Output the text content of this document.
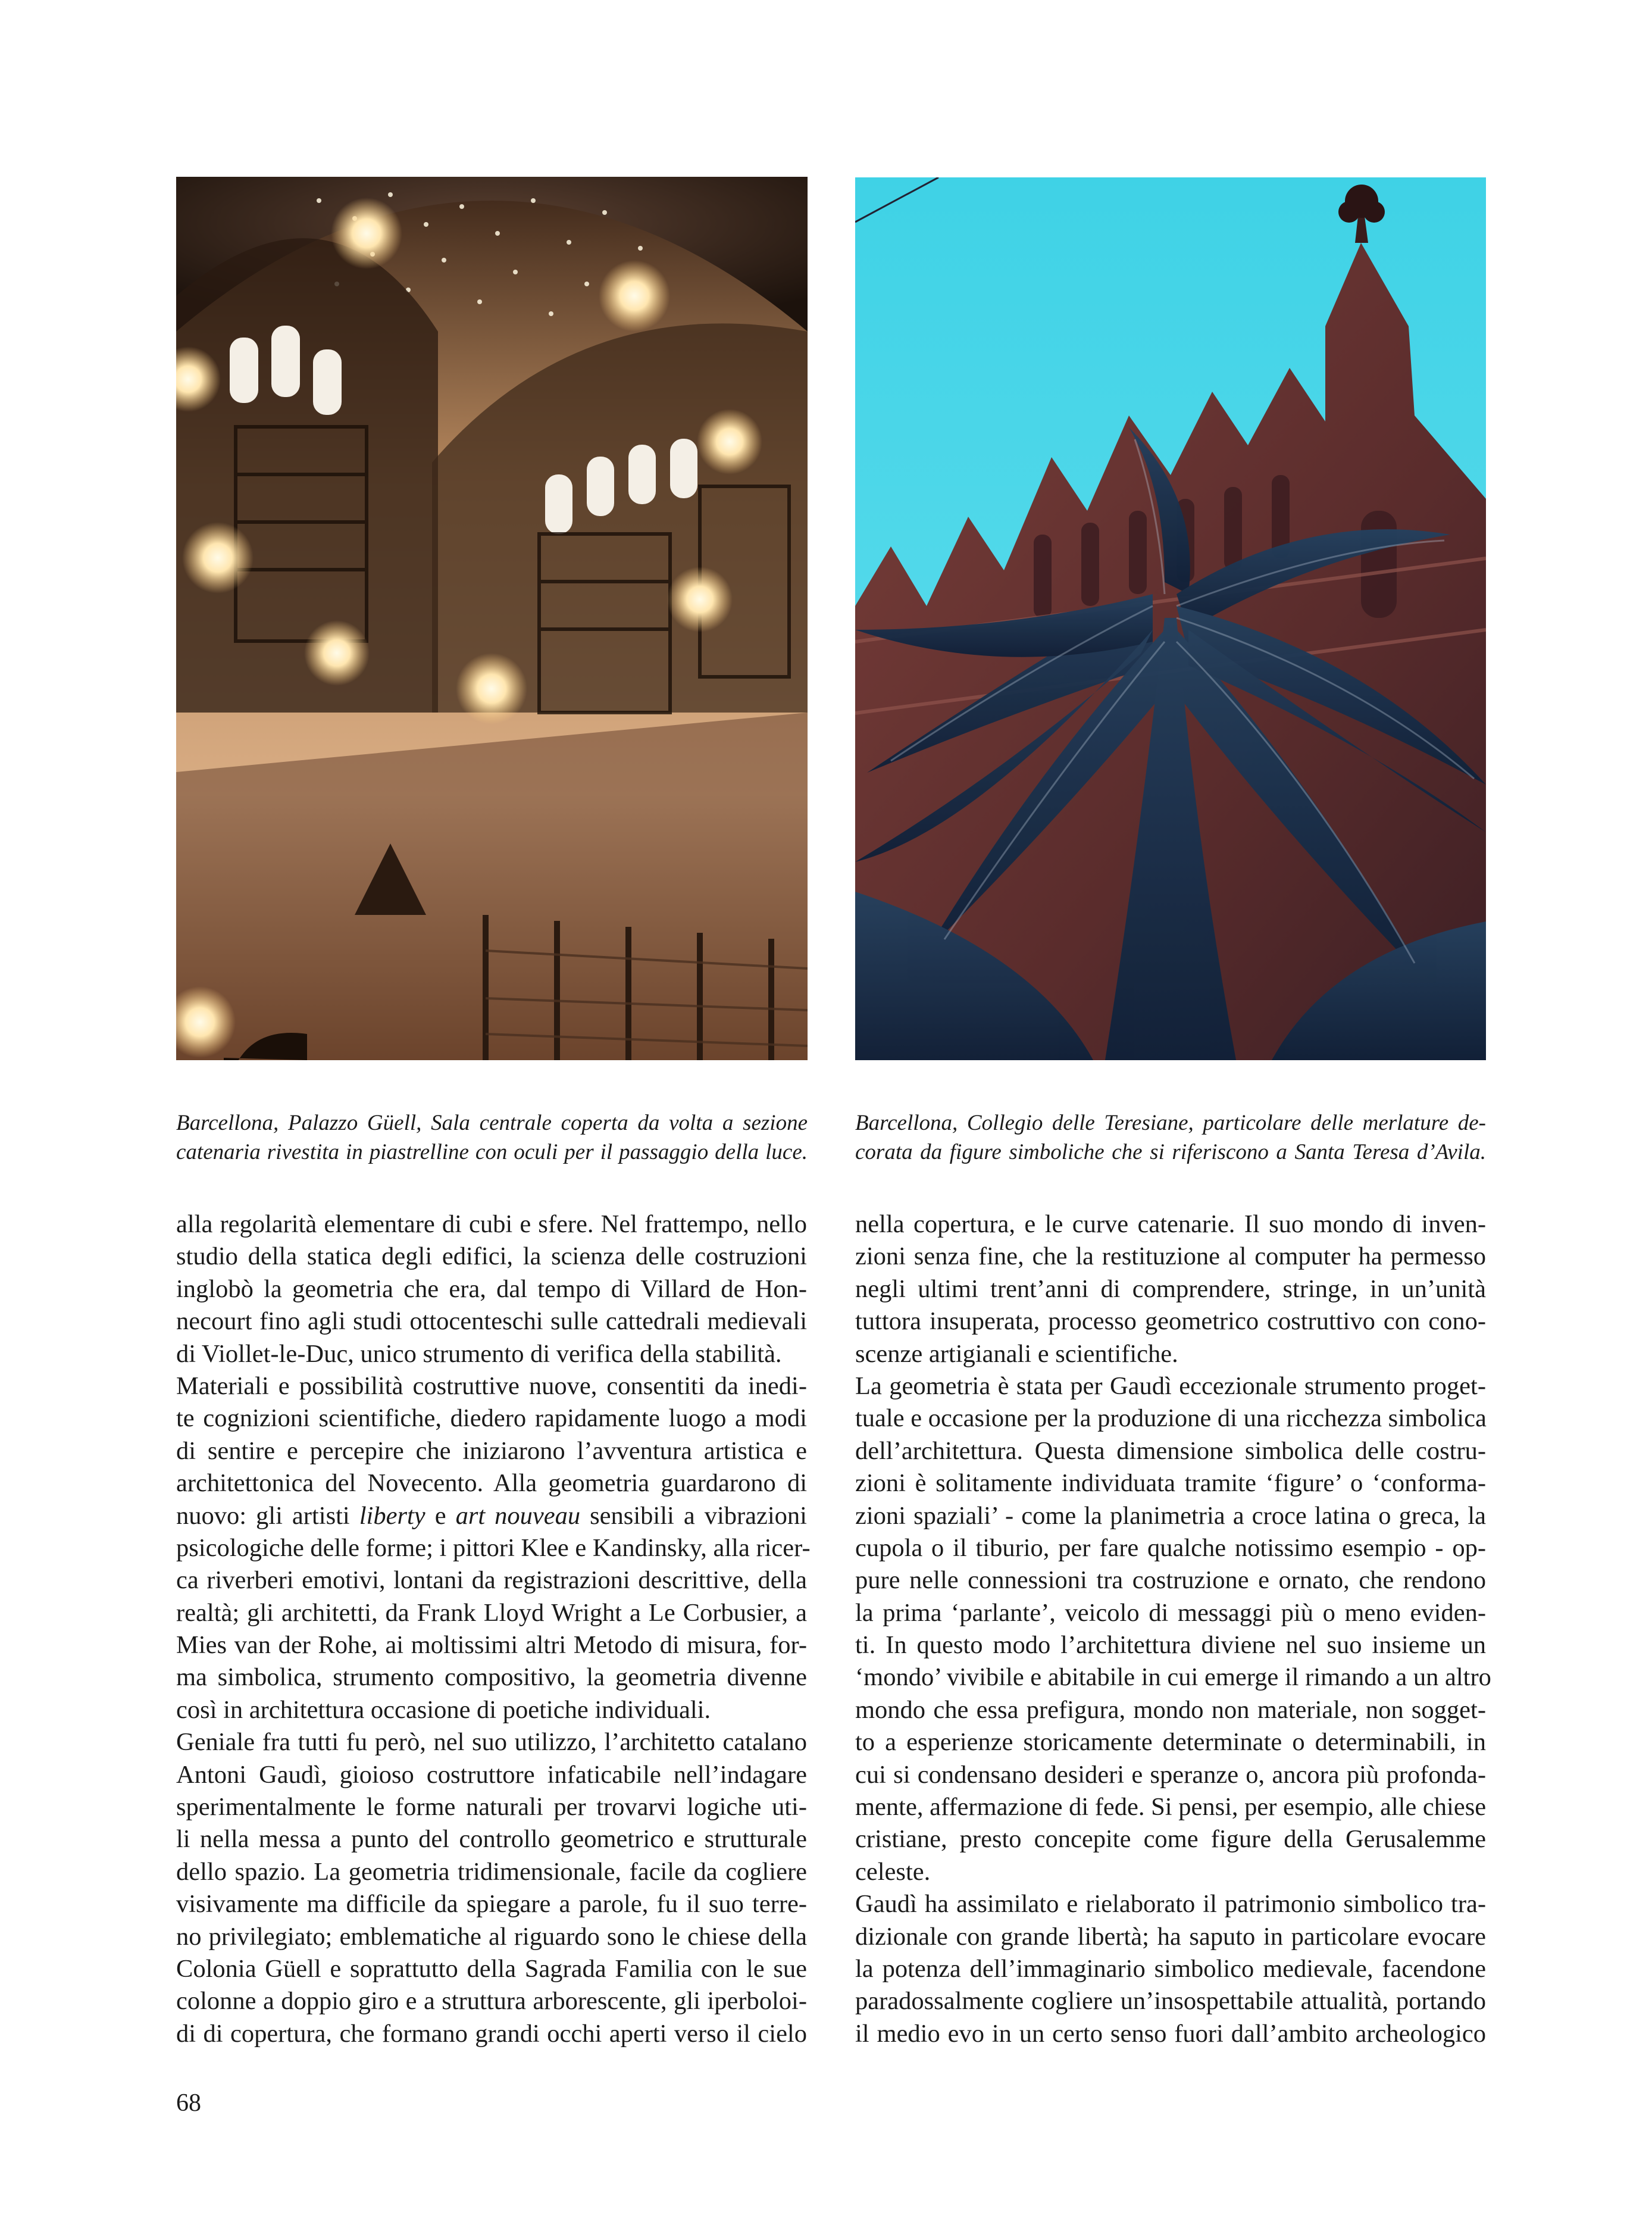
Barcellona, Palazzo Güell, Sala centrale coperta da volta a sezione
catenaria rivestita in piastrelline con oculi per il passaggio della luce.

Barcellona, Collegio delle Teresiane, particolare delle merlature de-
corata da figure simboliche che si riferiscono a Santa Teresa d’Avila.

alla regolarità elementare di cubi e sfere. Nel frattempo, nello
studio della statica degli edifici, la scienza delle costruzioni
inglobò la geometria che era, dal tempo di Villard de Hon-
necourt fino agli studi ottocenteschi sulle cattedrali medievali
di Viollet-le-Duc, unico strumento di verifica della stabilità.
Materiali e possibilità costruttive nuove, consentiti da inedi-
te cognizioni scientifiche, diedero rapidamente luogo a modi
di sentire e percepire che iniziarono l’avventura artistica e
architettonica del Novecento. Alla geometria guardarono di
nuovo: gli artisti liberty e art nouveau sensibili a vibrazioni
psicologiche delle forme; i pittori Klee e Kandinsky, alla ricer-
ca riverberi emotivi, lontani da registrazioni descrittive, della
realtà; gli architetti, da Frank Lloyd Wright a Le Corbusier, a
Mies van der Rohe, ai moltissimi altri Metodo di misura, for-
ma simbolica, strumento compositivo, la geometria divenne
così in architettura occasione di poetiche individuali.
Geniale fra tutti fu però, nel suo utilizzo, l’architetto catalano
Antoni Gaudì, gioioso costruttore infaticabile nell’indagare
sperimentalmente le forme naturali per trovarvi logiche uti-
li nella messa a punto del controllo geometrico e strutturale
dello spazio. La geometria tridimensionale, facile da cogliere
visivamente ma difficile da spiegare a parole, fu il suo terre-
no privilegiato; emblematiche al riguardo sono le chiese della
Colonia Güell e soprattutto della Sagrada Familia con le sue
colonne a doppio giro e a struttura arborescente, gli iperboloi-
di di copertura, che formano grandi occhi aperti verso il cielo
nella copertura, e le curve catenarie. Il suo mondo di inven-
zioni senza fine, che la restituzione al computer ha permesso
negli ultimi trent’anni di comprendere, stringe, in un’unità
tuttora insuperata, processo geometrico costruttivo con cono-
scenze artigianali e scientifiche.
La geometria è stata per Gaudì eccezionale strumento proget-
tuale e occasione per la produzione di una ricchezza simbolica
dell’architettura. Questa dimensione simbolica delle costru-
zioni è solitamente individuata tramite ‘figure’ o ‘conforma-
zioni spaziali’ - come la planimetria a croce latina o greca, la
cupola o il tiburio, per fare qualche notissimo esempio - op-
pure nelle connessioni tra costruzione e ornato, che rendono
la prima ‘parlante’, veicolo di messaggi più o meno eviden-
ti. In questo modo l’architettura diviene nel suo insieme un
‘mondo’ vivibile e abitabile in cui emerge il rimando a un altro
mondo che essa prefigura, mondo non materiale, non sogget-
to a esperienze storicamente determinate o determinabili, in
cui si condensano desideri e speranze o, ancora più profonda-
mente, affermazione di fede. Si pensi, per esempio, alle chiese
cristiane, presto concepite come figure della Gerusalemme
celeste.
Gaudì ha assimilato e rielaborato il patrimonio simbolico tra-
dizionale con grande libertà; ha saputo in particolare evocare
la potenza dell’immaginario simbolico medievale, facendone
paradossalmente cogliere un’insospettabile attualità, portando
il medio evo in un certo senso fuori dall’ambito archeologico
68
